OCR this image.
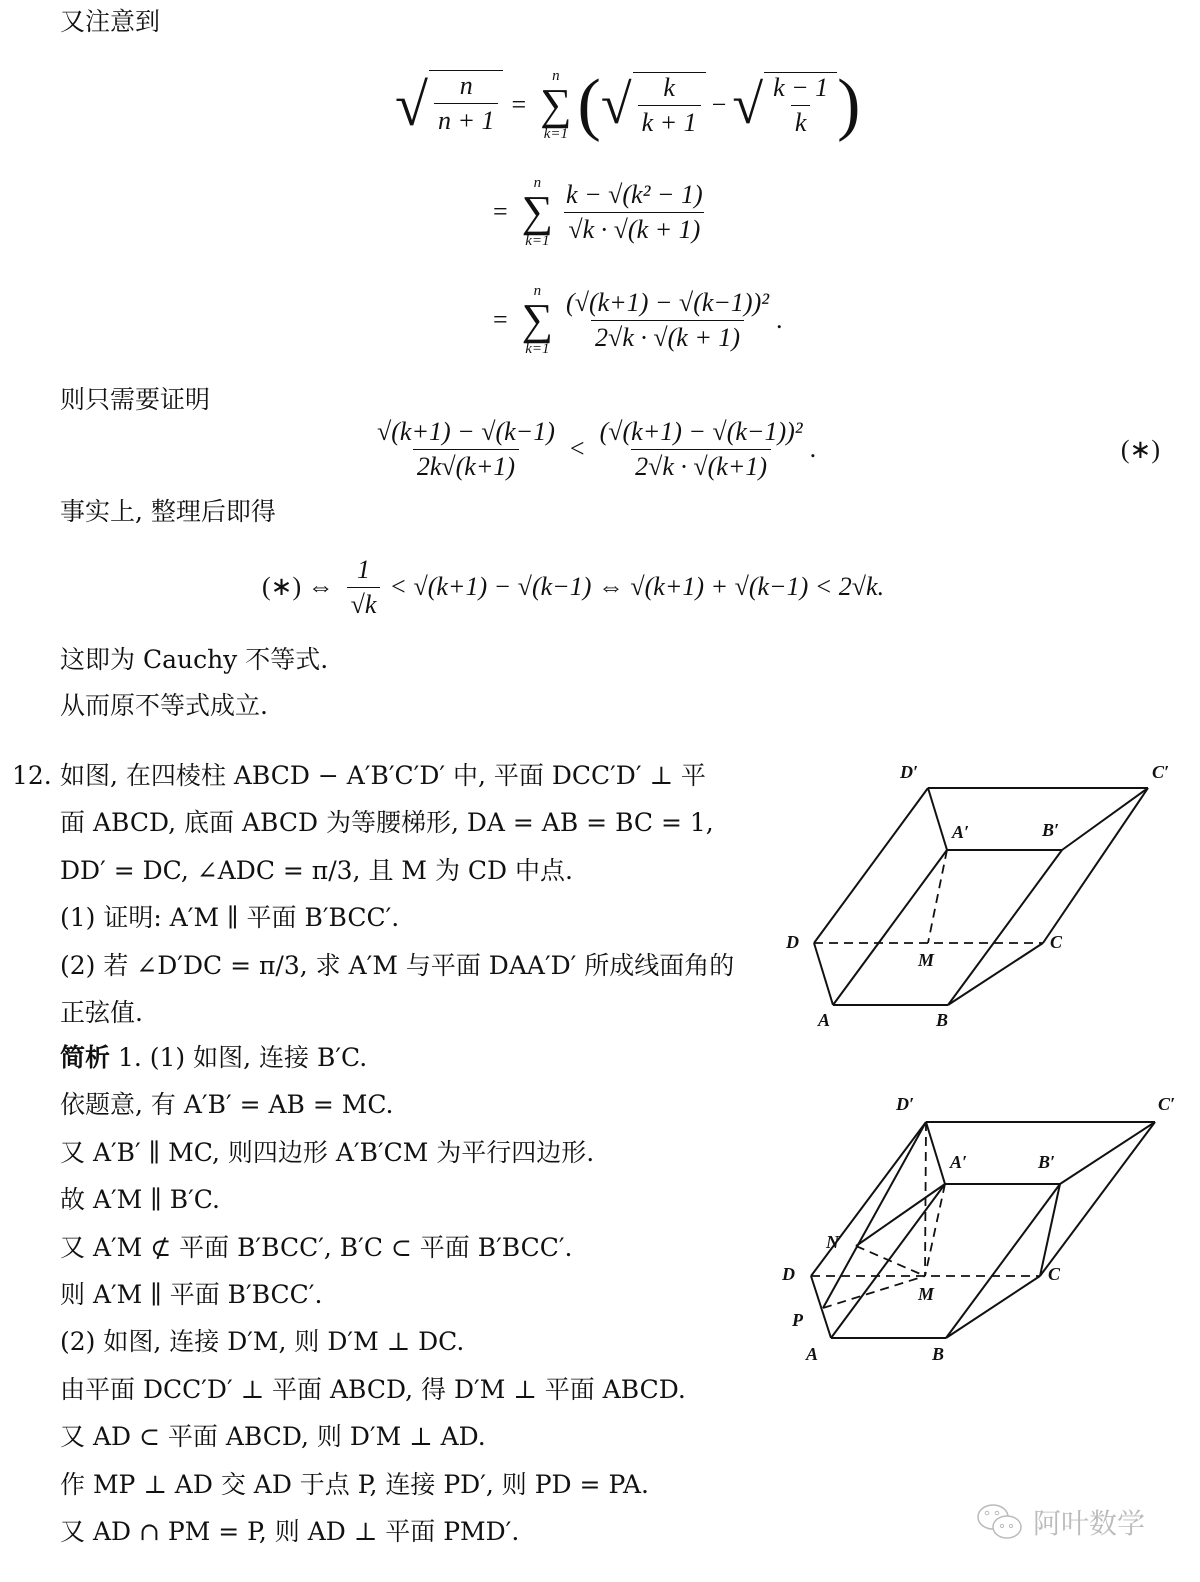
又注意到
√ $\frac{n}{n + 1}$ =
n
∑
k=1 ( √ $\frac{k}{k + 1}$ − √ $\frac{k - 1}{k}$ )
=
n
∑
$k=1 \frac{\text{k − √(k² − 1)}}{√k \cdot √(k + 1)}$
=
n
∑
$k=1 \frac{\text{(√(k+1) − √(k−1))²}}{2√k \cdot √(k + 1)}$ .
则只需要证明
$\frac{√(k+1) - √(k-1)}{2k√(k+1)} < \frac{\text{(√(k+1) − √(k−1))²}}{2√k \cdot √(k+1)}$ .	(∗)
事实上, 整理后即得
(∗) ⇔ $\frac{1}{√k} < √(k+1) - √(k-1)$ ⇔ √(k+1) + √(k−1) < 2√k.
这即为 Cauchy 不等式.
从而原不等式成立.
12. 如图, 在四棱柱 ABCD − A′B′C′D′ 中, 平面 DCC′D′ ⊥ 平
面 ABCD, 底面 ABCD 为等腰梯形, DA = AB = BC = 1,
DD′ = DC, ∠ADC = π/3, 且 M 为 CD 中点.
(1) 证明: A′M ∥ 平面 B′BCC′.
(2) 若 ∠D′DC = π/3, 求 A′M 与平面 DAA′D′ 所成线面角的
正弦值.
简析 1. (1) 如图, 连接 B′C.
依题意, 有 A′B′ = AB = MC.
又 A′B′ ∥ MC, 则四边形 A′B′CM 为平行四边形.
故 A′M ∥ B′C.
又 A′M ⊄ 平面 B′BCC′, B′C ⊂ 平面 B′BCC′.
则 A′M ∥ 平面 B′BCC′.
(2) 如图, 连接 D′M, 则 D′M ⊥ DC.
由平面 DCC′D′ ⊥ 平面 ABCD, 得 D′M ⊥ 平面 ABCD.
又 AD ⊂ 平面 ABCD, 则 D′M ⊥ AD.
作 MP ⊥ AD 交 AD 于点 P, 连接 PD′, 则 PD = PA.
又 AD ∩ PM = P, 则 AD ⊥ 平面 PMD′.
D′	C′
A′	B′
D
M
C
A	B
D′	C′
A′	B′
N
D
M
C
P
A	B
阿叶数学
